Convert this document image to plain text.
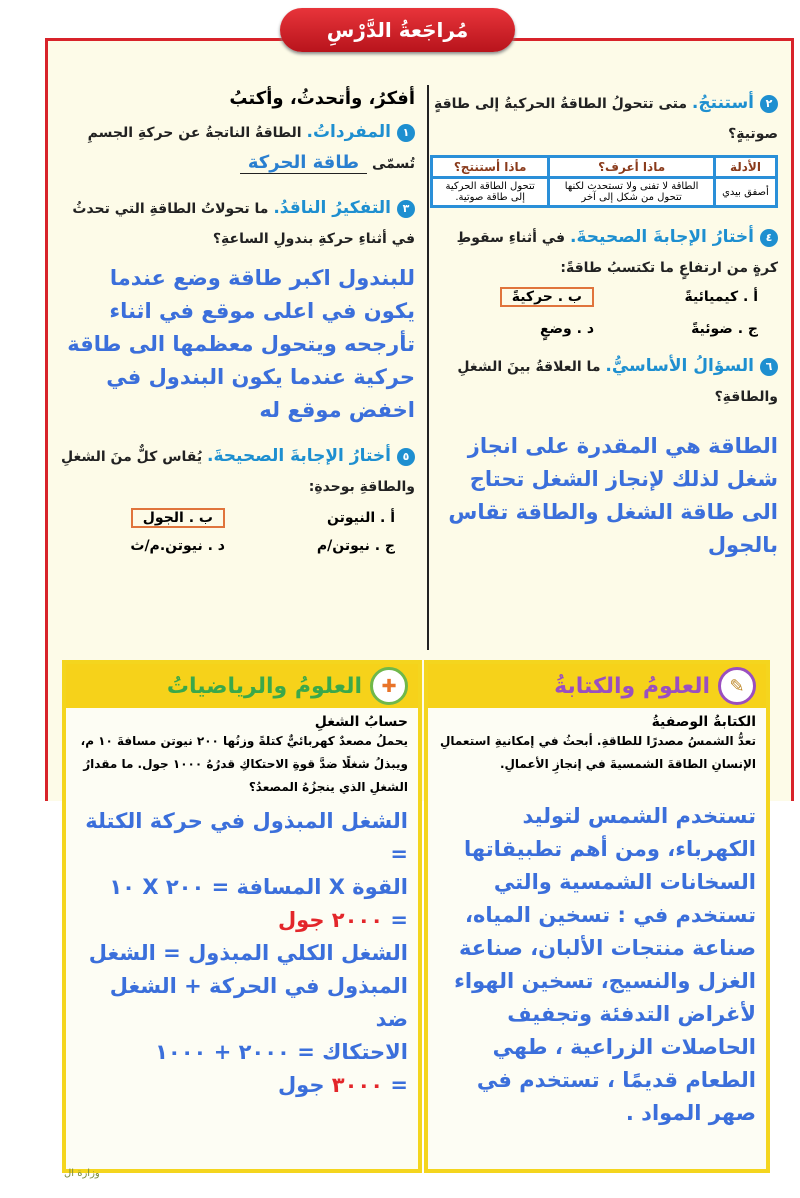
مُراجَعةُ الدَّرْسِ
أفكرُ، وأتحدثُ، وأكتبُ
١المفرداتُ. الطاقةُ الناتجةُ عن حركةِ الجسمِ تُسمّى طاقة الحركة
٣التفكيرُ الناقدُ. ما تحولاتُ الطاقةِ التي تحدثُ في أثناءِ حركةِ بندولِ الساعةِ؟
للبندول اكبر طاقة وضع عندما يكون في اعلى موقع في اثناء تأرجحه ويتحول معظمها الى طاقة حركية عندما يكون البندول في اخفض موقع له
٥أختارُ الإجابةَ الصحيحةَ. يُقاس كلٌّ منَ الشغلِ والطاقةِ بوحدةِ:
أ . النيوتن
ب . الجول
ج . نيوتن/م
د . نيوتن.م/ث
٢أستنتجُ. متى تتحولُ الطاقةُ الحركيةُ إلى طاقةٍ صوتيةٍ؟
الأدلة	ماذا أعرف؟	ماذا أستنتج؟
أصفق بيدي	الطاقة لا تفنى ولا تستحدث لكنها تتحول من شكل إلى آخر	تتحول الطاقة الحركية إلى طاقة صوتية.
٤أختارُ الإجابةَ الصحيحةَ. في أثناءِ سقوطِ كرةٍ من ارتفاعٍ ما تكتسبُ طاقةً:
أ . كيميائيةً
ب . حركيةً
ج . ضوئيةً
د . وضعٍ
٦السؤالُ الأساسيُّ. ما العلاقةُ بينَ الشغلِ والطاقةِ؟
الطاقة هي المقدرة على انجاز شغل لذلك لإنجاز الشغل تحتاج الى طاقة الشغل والطاقة تقاس بالجول
✚
العلومُ والرياضياتُ
حسابُ الشغلِ
يحملُ مصعدٌ كهربائيٌّ كتلةً وزنُها ٢٠٠ نيوتن مسافةَ ١٠ م، ويبذلُ شغلًا ضدَّ قوةِ الاحتكاكِ قدرُهُ ١٠٠٠ جول. ما مقدارُ الشغلِ الذي ينجزُهُ المصعدُ؟
الشغل المبذول في حركة الكتلة =
القوة X المسافة = ٢٠٠ X ١٠
= ٢٠٠٠ جول
الشغل الكلي المبذول = الشغل
المبذول في الحركة + الشغل ضد
الاحتكاك = ٢٠٠٠ + ١٠٠٠
= ٣٠٠٠ جول
✎
العلومُ والكتابةُ
الكتابةُ الوصفيةُ
تعدُّ الشمسُ مصدرًا للطاقةِ. أبحثُ في إمكانيةِ استعمالِ الإنسانِ الطاقةَ الشمسيةَ في إنجازِ الأعمالِ.
تستخدم الشمس لتوليد الكهرباء، ومن أهم تطبيقاتها السخانات الشمسية والتي تستخدم في : تسخين المياه، صناعة منتجات الألبان، صناعة الغزل والنسيج، تسخين الهواء لأغراض التدفئة وتجفيف الحاصلات الزراعية ، طهي الطعام قديمًا ، تستخدم في صهر المواد .
وزارة ال
